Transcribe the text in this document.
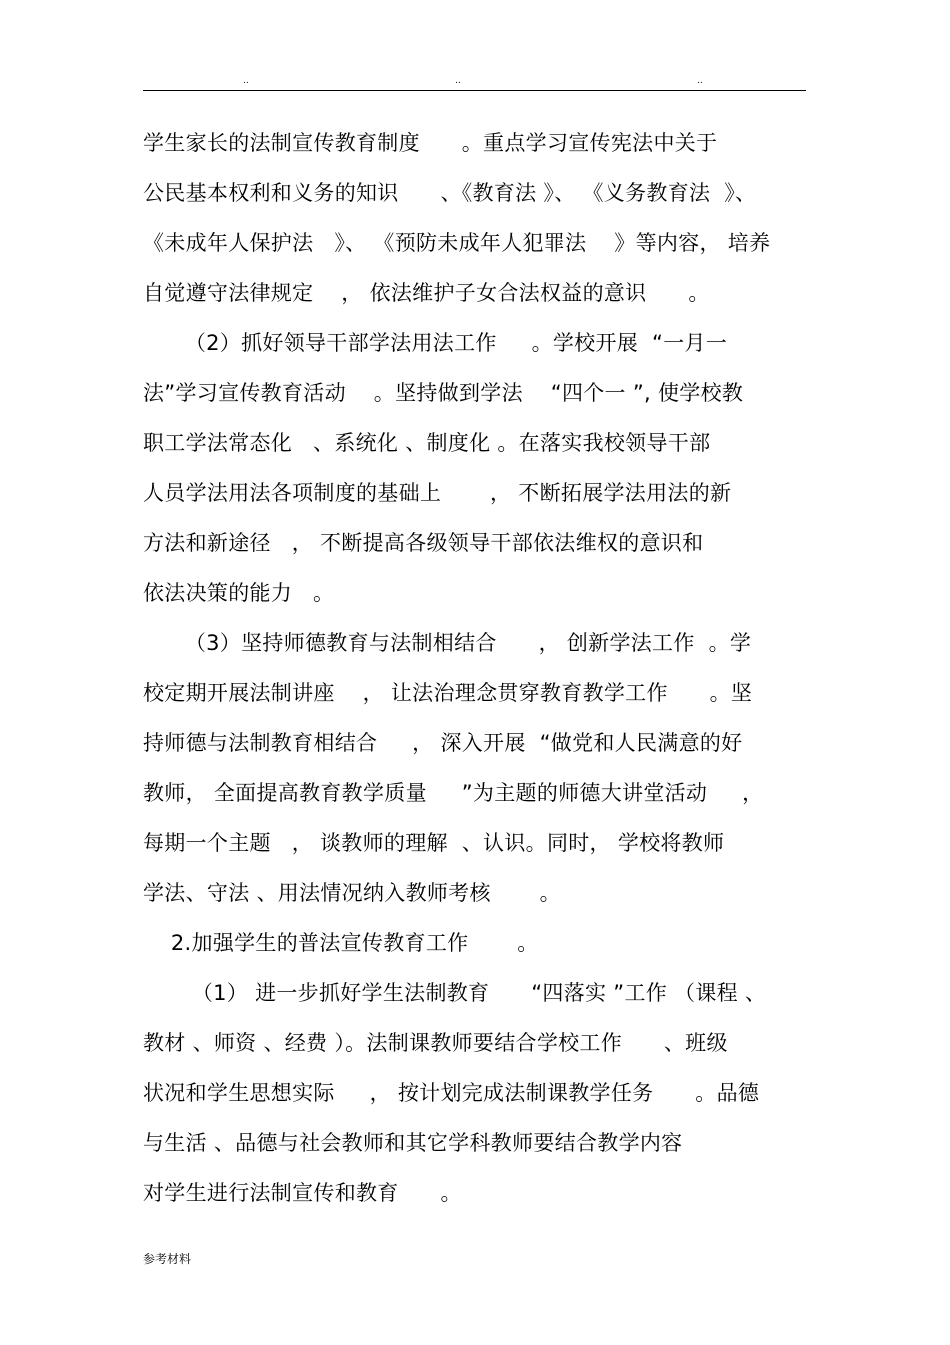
..	..	..
学生家长的法制宣传教育制度      。重点学习宣传宪法中关于
公民基本权利和义务的知识      、《教育法 》、 《义务教育法  》、
《未成年人保护法   》、 《预防未成年人犯罪法    》等内容， 培养
自觉遵守法律规定    ， 依法维护子女合法权益的意识      。
（2）抓好领导干部学法用法工作     。学校开展  “一月一
法”学习宣传教育活动    。坚持做到学法    “四个一 ”, 使学校教
职工学法常态化   、系统化 、制度化 。在落实我校领导干部
人员学法用法各项制度的基础上       ， 不断拓展学法用法的新
方法和新途径   ， 不断提高各级领导干部依法维权的意识和
依法决策的能力   。
（3）坚持师德教育与法制相结合      ， 创新学法工作  。学
校定期开展法制讲座    ， 让法治理念贯穿教育教学工作      。坚
持师德与法制教育相结合     ， 深入开展  “做党和人民满意的好
教师， 全面提高教育教学质量     ”为主题的师德大讲堂活动     ，
每期一个主题   ， 谈教师的理解  、认识。同时， 学校将教师
学法、守法 、用法情况纳入教师考核       。
2.加强学生的普法宣传教育工作       。
（1） 进一步抓好学生法制教育      “四落实 ”工作 （课程 、
教材 、师资 、经费 ）。法制课教师要结合学校工作      、班级
状况和学生思想实际     ， 按计划完成法制课教学任务      。品德
与生活 、品德与社会教师和其它学科教师要结合教学内容
对学生进行法制宣传和教育      。
参考材料
